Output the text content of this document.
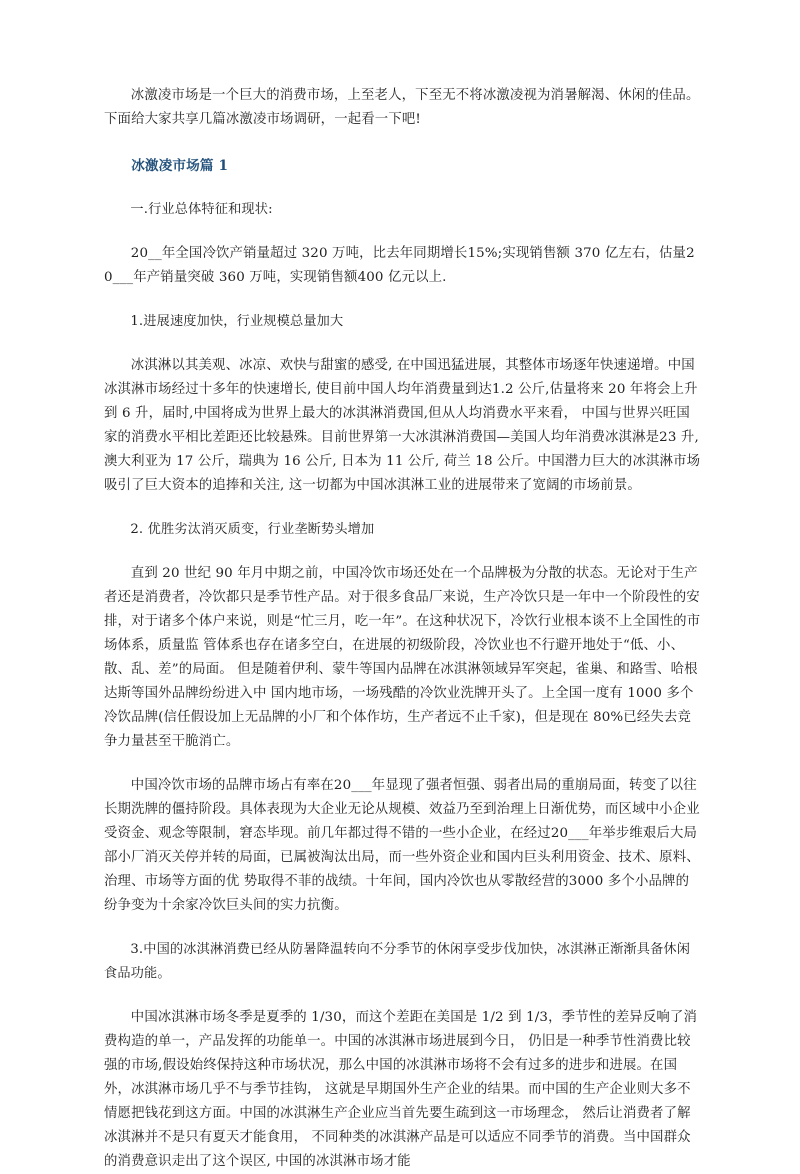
冰激凌市场是一个巨大的消费市场，上至老人，下至无不将冰激凌视为消暑解渴、休闲的佳品。下面给大家共享几篇冰激凌市场调研，一起看一下吧!

冰激凌市场篇 1

一.行业总体特征和现状:

20__年全国冷饮产销量超过 320 万吨，比去年同期增长15%;实现销售额 370 亿左右，估量20___年产销量突破 360 万吨，实现销售额400 亿元以上.

1.进展速度加快，行业规模总量加大

冰淇淋以其美观、冰凉、欢快与甜蜜的感受, 在中国迅猛进展，其整体市场逐年快速递增。中国冰淇淋市场经过十多年的快速增长, 使目前中国人均年消费量到达1.2 公斤,估量将来 20 年将会上升到 6 升，届时,中国将成为世界上最大的冰淇淋消费国,但从人均消费水平来看， 中国与世界兴旺国家的消费水平相比差距还比较悬殊。目前世界第一大冰淇淋消费国—美国人均年消费冰淇淋是23 升, 澳大利亚为 17 公斤，瑞典为 16 公斤, 日本为 11 公斤, 荷兰 18 公斤。中国潜力巨大的冰淇淋市场吸引了巨大资本的追捧和关注, 这一切都为中国冰淇淋工业的进展带来了宽阔的市场前景。

2. 优胜劣汰消灭质变，行业垄断势头增加

直到 20 世纪 90 年月中期之前，中国冷饮市场还处在一个品牌极为分散的状态。无论对于生产者还是消费者，冷饮都只是季节性产品。对于很多食品厂来说，生产冷饮只是一年中一个阶段性的安排，对于诸多个体户来说，则是“忙三月，吃一年”。在这种状况下，冷饮行业根本谈不上全国性的市场体系，质量监 管体系也存在诸多空白，在进展的初级阶段，冷饮业也不行避开地处于“低、小、散、乱、差”的局面。 但是随着伊利、蒙牛等国内品牌在冰淇淋领域异军突起，雀巢、和路雪、哈根达斯等国外品牌纷纷进入中 国内地市场，一场残酷的冷饮业洗牌开头了。上全国一度有 1000 多个冷饮品牌(信任假设加上无品牌的小厂和个体作坊，生产者远不止千家)，但是现在 80%已经失去竞争力量甚至干脆消亡。

中国冷饮市场的品牌市场占有率在20___年显现了强者恒强、弱者出局的重崩局面，转变了以往长期洗牌的僵持阶段。具体表现为大企业无论从规模、效益乃至到治理上日渐优势，而区域中小企业受资金、观念等限制，窘态毕现。前几年都过得不错的一些小企业，在经过20___年举步维艰后大局部小厂消灭关停并转的局面，已属被淘汰出局，而一些外资企业和国内巨头利用资金、技术、原料、治理、市场等方面的优 势取得不菲的战绩。十年间，国内冷饮也从零散经营的3000 多个小品牌的纷争变为十余家冷饮巨头间的实力抗衡。

3.中国的冰淇淋消费已经从防暑降温转向不分季节的休闲享受步伐加快，冰淇淋正渐渐具备休闲食品功能。

中国冰淇淋市场冬季是夏季的 1/30，而这个差距在美国是 1/2 到 1/3，季节性的差异反响了消费构造的单一，产品发挥的功能单一。中国的冰淇淋市场进展到今日， 仍旧是一种季节性消费比较强的市场,假设始终保持这种市场状况，那么中国的冰淇淋市场将不会有过多的进步和进展。在国外，冰淇淋市场几乎不与季节挂钩， 这就是早期国外生产企业的结果。而中国的生产企业则大多不情愿把钱花到这方面。中国的冰淇淋生产企业应当首先要生疏到这一市场理念， 然后让消费者了解冰淇淋并不是只有夏天才能食用， 不同种类的冰淇淋产品是可以适应不同季节的消费。当中国群众的消费意识走出了这个误区, 中国的冰淇淋市场才能
